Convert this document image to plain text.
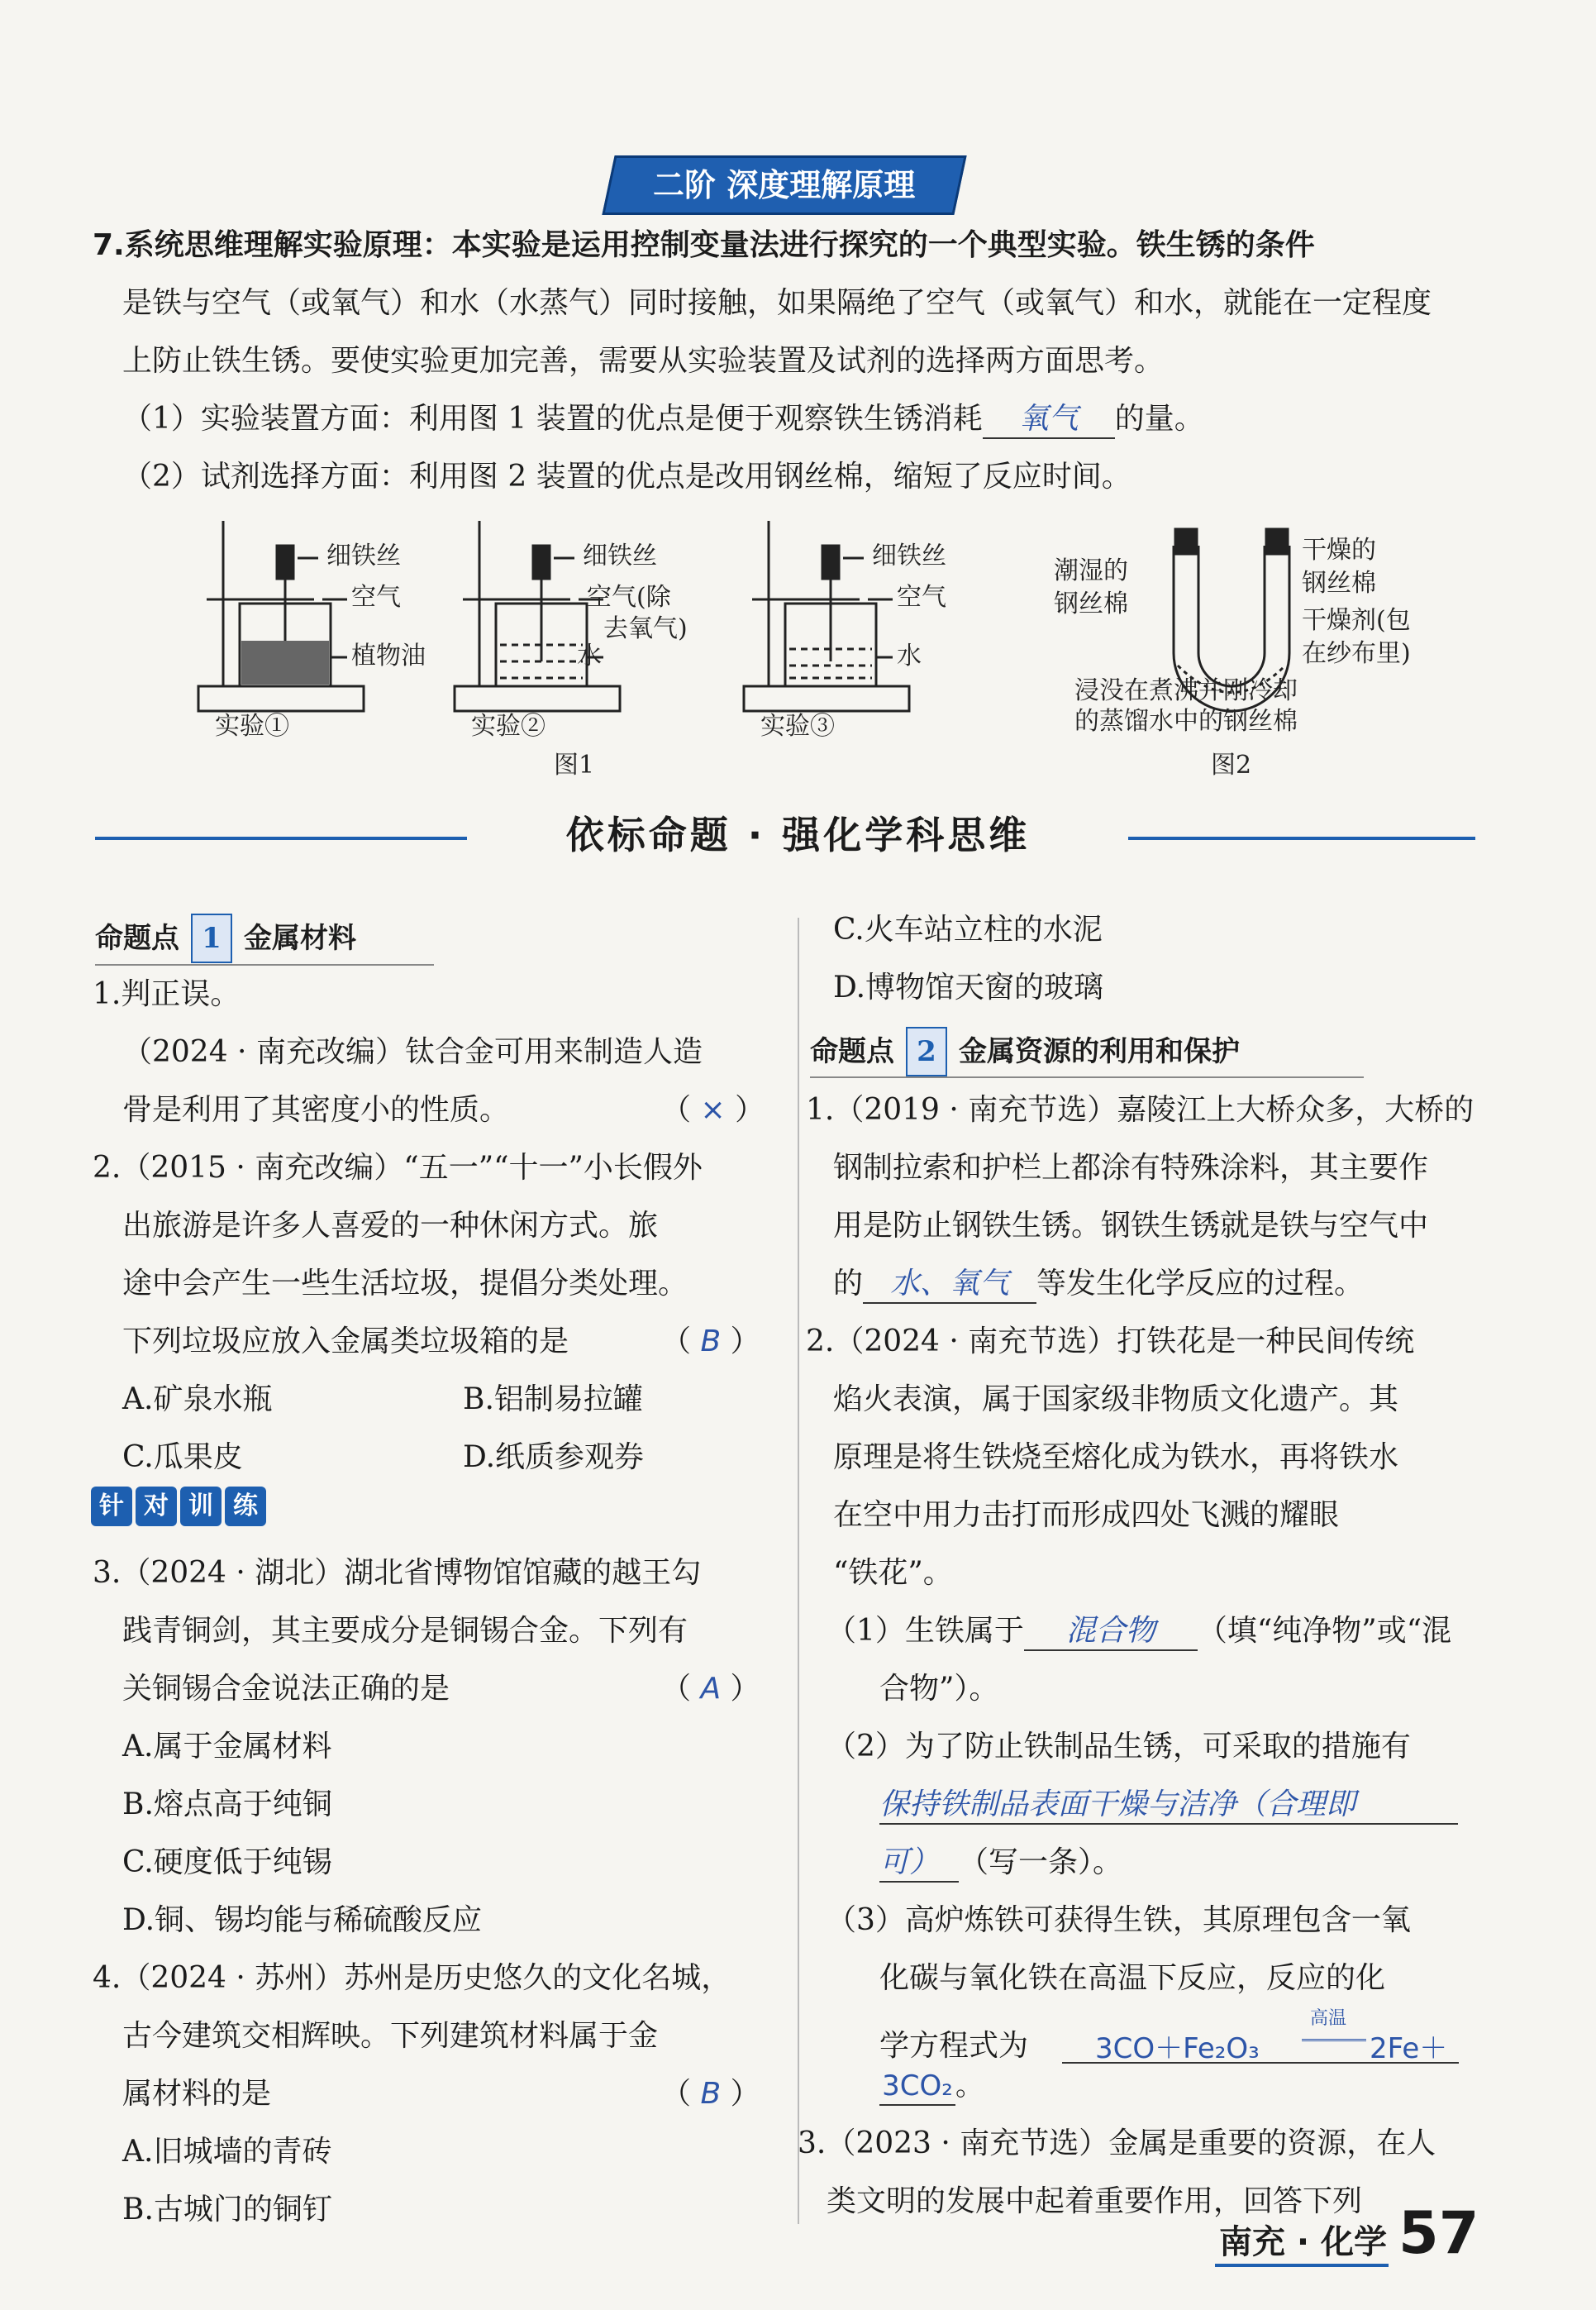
二阶 深度理解原理
7.系统思维理解实验原理：本实验是运用控制变量法进行探究的一个典型实验。铁生锈的条件
是铁与空气（或氧气）和水（水蒸气）同时接触，如果隔绝了空气（或氧气）和水，就能在一定程度
上防止铁生锈。要使实验更加完善，需要从实验装置及试剂的选择两方面思考。
（1）实验装置方面：利用图 1 装置的优点是便于观察铁生锈消耗 氧气 的量。
（2）试剂选择方面：利用图 2 装置的优点是改用钢丝棉，缩短了反应时间。
细铁丝
空气
植物油
实验①
细铁丝
空气(除
去氧气)
水
实验②
细铁丝
空气
水
实验③
图1
潮湿的
钢丝棉
干燥的
钢丝棉
干燥剂(包
在纱布里)
浸没在煮沸并刚冷却
的蒸馏水中的钢丝棉
图2
依标命题 · 强化学科思维
命题点 1 金属材料
1.判正误。
（2024 · 南充改编）钛合金可用来制造人造
骨是利用了其密度小的性质。	（ × ）
2.（2015 · 南充改编）“五一”“十一”小长假外
出旅游是许多人喜爱的一种休闲方式。旅
途中会产生一些生活垃圾，提倡分类处理。
下列垃圾应放入金属类垃圾箱的是	（ B ）
A.矿泉水瓶	B.铝制易拉罐
C.瓜果皮	D.纸质参观券
针 对 训 练
3.（2024 · 湖北）湖北省博物馆馆藏的越王勾
践青铜剑，其主要成分是铜锡合金。下列有
关铜锡合金说法正确的是	（ A ）
A.属于金属材料
B.熔点高于纯铜
C.硬度低于纯锡
D.铜、锡均能与稀硫酸反应
4.（2024 · 苏州）苏州是历史悠久的文化名城，
古今建筑交相辉映。下列建筑材料属于金
属材料的是	（ B ）
A.旧城墙的青砖
B.古城门的铜钉
C.火车站立柱的水泥
D.博物馆天窗的玻璃
命题点 2 金属资源的利用和保护
1.（2019 · 南充节选）嘉陵江上大桥众多，大桥的
钢制拉索和护栏上都涂有特殊涂料，其主要作
用是防止钢铁生锈。钢铁生锈就是铁与空气中
的 水、氧气 等发生化学反应的过程。
2.（2024 · 南充节选）打铁花是一种民间传统
焰火表演，属于国家级非物质文化遗产。其
原理是将生铁烧至熔化成为铁水，再将铁水
在空中用力击打而形成四处飞溅的耀眼
“铁花”。
（1）生铁属于 混合物 （填“纯净物”或“混
合物”）。
（2）为了防止铁制品生锈，可采取的措施有
保持铁制品表面干燥与洁净（合理即
可） （写一条）。
（3）高炉炼铁可获得生铁，其原理包含一氧
化碳与氧化铁在高温下反应，反应的化
学方程式为 3CO＋Fe₂O₃
高温
2Fe＋
3CO₂。
3.（2023 · 南充节选）金属是重要的资源，在人
类文明的发展中起着重要作用，回答下列
南充 · 化学 57
